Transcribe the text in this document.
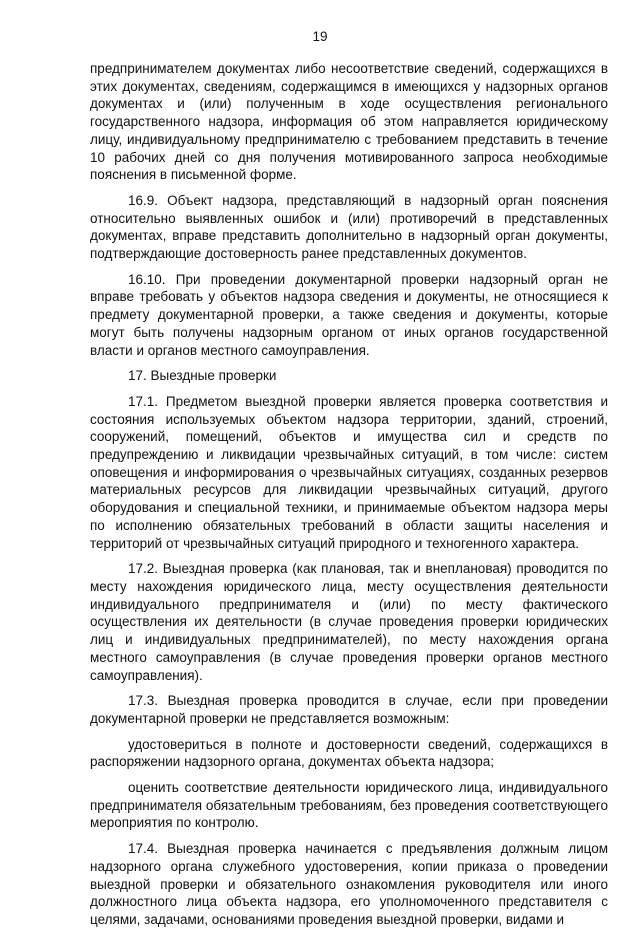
19

предпринимателем документах либо несоответствие сведений, содержащихся в этих документах, сведениям, содержащимся в имеющихся у надзорных органов документах и (или) полученным в ходе осуществления регионального государственного надзора, информация об этом направляется юридическому лицу, индивидуальному предпринимателю с требованием представить в течение 10 рабочих дней со дня получения мотивированного запроса необходимые пояснения в письменной форме.

16.9. Объект надзора, представляющий в надзорный орган пояснения относительно выявленных ошибок и (или) противоречий в представленных документах, вправе представить дополнительно в надзорный орган документы, подтверждающие достоверность ранее представленных документов.

16.10. При проведении документарной проверки надзорный орган не вправе требовать у объектов надзора сведения и документы, не относящиеся к предмету документарной проверки, а также сведения и документы, которые могут быть получены надзорным органом от иных органов государственной власти и органов местного самоуправления.

17. Выездные проверки

17.1. Предметом выездной проверки является проверка соответствия и состояния используемых объектом надзора территории, зданий, строений, сооружений, помещений, объектов и имущества сил и средств по предупреждению и ликвидации чрезвычайных ситуаций, в том числе: систем оповещения и информирования о чрезвычайных ситуациях, созданных резервов материальных ресурсов для ликвидации чрезвычайных ситуаций, другого оборудования и специальной техники, и принимаемые объектом надзора меры по исполнению обязательных требований в области защиты населения и территорий от чрезвычайных ситуаций природного и техногенного характера.

17.2. Выездная проверка (как плановая, так и внеплановая) проводится по месту нахождения юридического лица, месту осуществления деятельности индивидуального предпринимателя и (или) по месту фактического осуществления их деятельности (в случае проведения проверки юридических лиц и индивидуальных предпринимателей), по месту нахождения органа местного самоуправления (в случае проведения проверки органов местного самоуправления).

17.3. Выездная проверка проводится в случае, если при проведении документарной проверки не представляется возможным:

удостовериться в полноте и достоверности сведений, содержащихся в распоряжении надзорного органа, документах объекта надзора;

оценить соответствие деятельности юридического лица, индивидуального предпринимателя обязательным требованиям, без проведения соответствующего мероприятия по контролю.

17.4. Выездная проверка начинается с предъявления должным лицом надзорного органа служебного удостоверения, копии приказа о проведении выездной проверки и обязательного ознакомления руководителя или иного должностного лица объекта надзора, его уполномоченного представителя с целями, задачами, основаниями проведения выездной проверки, видами и
